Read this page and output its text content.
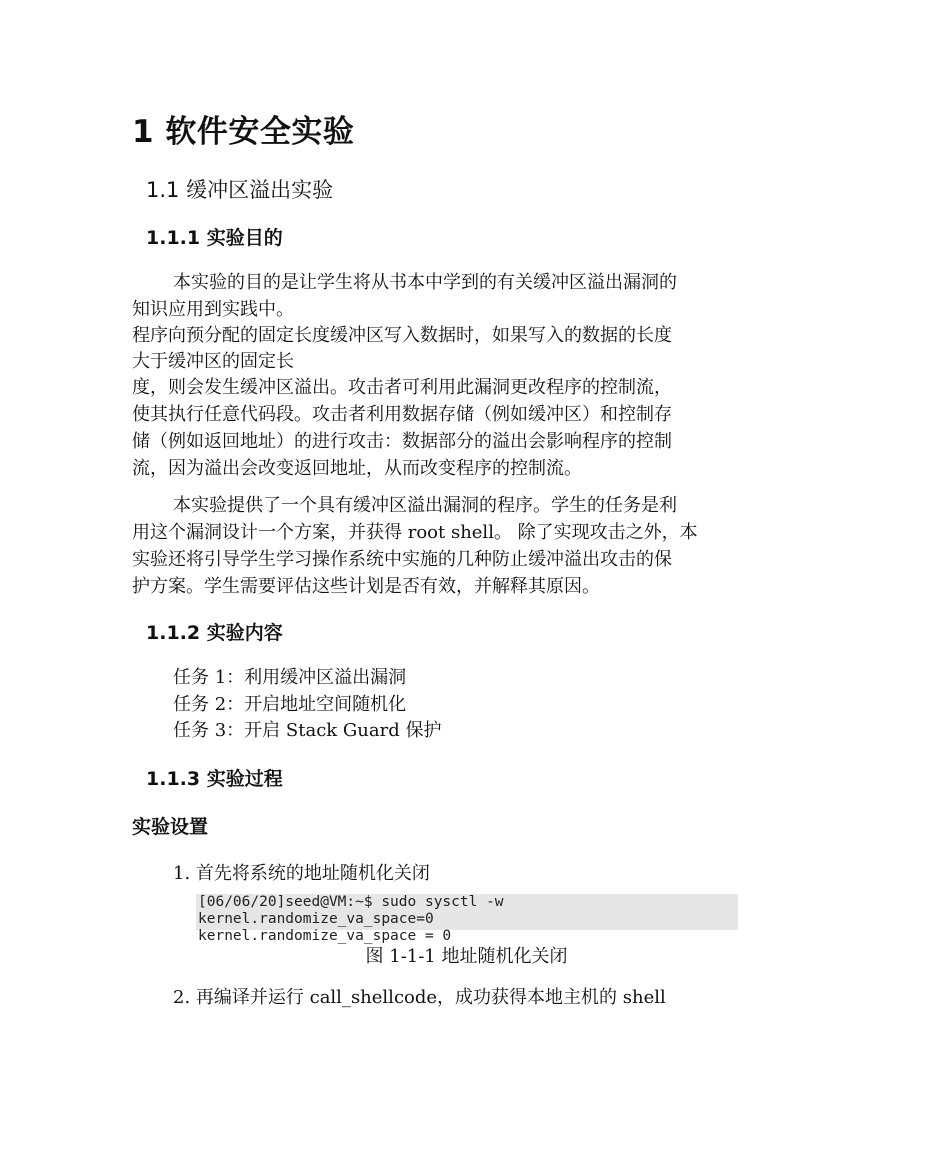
1 软件安全实验
1.1 缓冲区溢出实验
1.1.1 实验目的
本实验的目的是让学生将从书本中学到的有关缓冲区溢出漏洞的
知识应用到实践中。
程序向预分配的固定长度缓冲区写入数据时，如果写入的数据的长度
大于缓冲区的固定长
度，则会发生缓冲区溢出。攻击者可利用此漏洞更改程序的控制流，
使其执行任意代码段。攻击者利用数据存储（例如缓冲区）和控制存
储（例如返回地址）的进行攻击：数据部分的溢出会影响程序的控制
流，因为溢出会改变返回地址，从而改变程序的控制流。
本实验提供了一个具有缓冲区溢出漏洞的程序。学生的任务是利
用这个漏洞设计一个方案，并获得 root shell。 除了实现攻击之外，本
实验还将引导学生学习操作系统中实施的几种防止缓冲溢出攻击的保
护方案。学生需要评估这些计划是否有效，并解释其原因。
1.1.2 实验内容
任务 1：利用缓冲区溢出漏洞
任务 2：开启地址空间随机化
任务 3：开启 Stack Guard 保护
1.1.3 实验过程
实验设置
1. 首先将系统的地址随机化关闭
[06/06/20]seed@VM:~$ sudo sysctl -w kernel.randomize_va_space=0
kernel.randomize_va_space = 0
图 1-1-1 地址随机化关闭
2. 再编译并运行 call_shellcode，成功获得本地主机的 shell
